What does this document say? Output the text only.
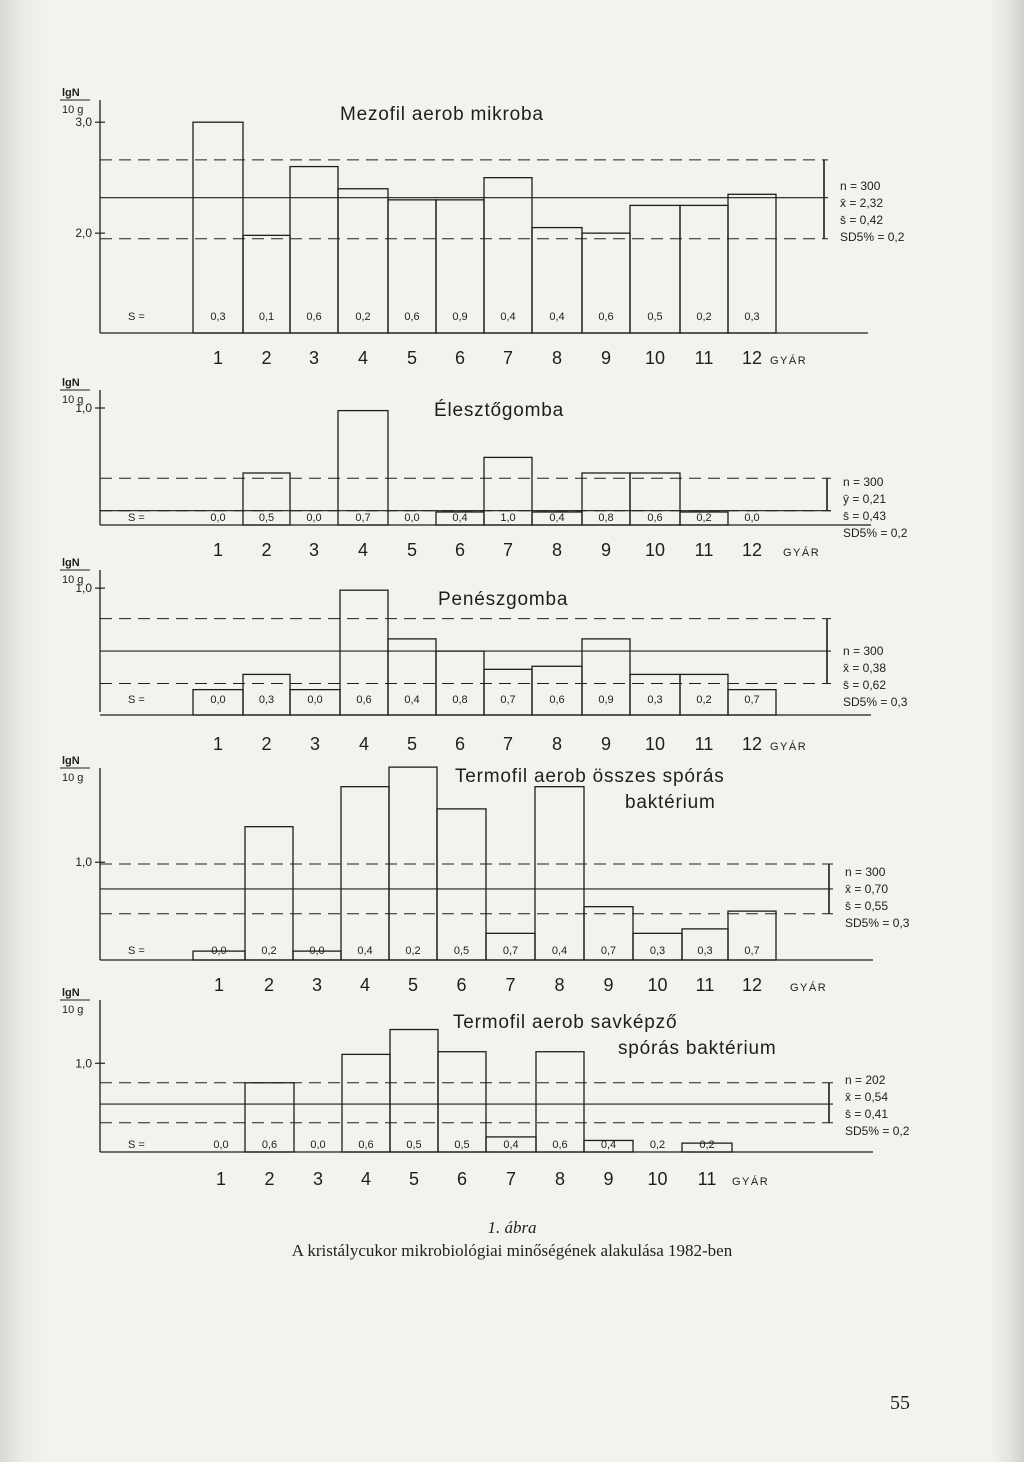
lgN
10 g
3,0
2,0
S =	0,3	0,1	0,6	0,2	0,6	0,9	0,4	0,4	0,6	0,5	0,2	0,3
1 2 3 4 5 6 7 8 9 10 11 12 GYÁR
Mezofil aerob mikroba
n = 300
x̄ = 2,32
s̄ = 0,42
SD5% = 0,2
lgN
10 g
1,0
S =	0,0	0,5	0,0	0,7	0,0	0,4	1,0	0,4	0,8	0,6	0,2	0,0
1 2 3 4 5 6 7 8 9 10 11 12 GYÁR
Élesztőgomba
n = 300
ȳ = 0,21
s̄ = 0,43
SD5% = 0,2
lgN
10 g
1,0
S =	0,0	0,3	0,0	0,6	0,4	0,8	0,7	0,6	0,9	0,3	0,2	0,7
1 2 3 4 5 6 7 8 9 10 11 12 GYÁR
Penészgomba
n = 300
x̄ = 0,38
s̄ = 0,62
SD5% = 0,3
lgN
10 g
1,0
S =	0,0	0,2	0,0	0,4	0,2	0,5	0,7	0,4	0,7	0,3	0,3	0,7
1 2 3 4 5 6 7 8 9 10 11 12	GYÁR
Termofil aerob összes spórás
baktérium
n = 300
x̄ = 0,70
s̄ = 0,55
SD5% = 0,3
lgN
10 g
1,0
S =	0,0	0,6	0,0	0,6	0,5	0,5	0,4	0,6	0,4	0,2	0,2
1 2 3 4 5 6 7 8 9 10 11 GYÁR
Termofil aerob savképző
spórás baktérium
n = 202
x̄ = 0,54
s̄ = 0,41
SD5% = 0,2
1. ábra
A kristálycukor mikrobiológiai minőségének alakulása 1982-ben
55
